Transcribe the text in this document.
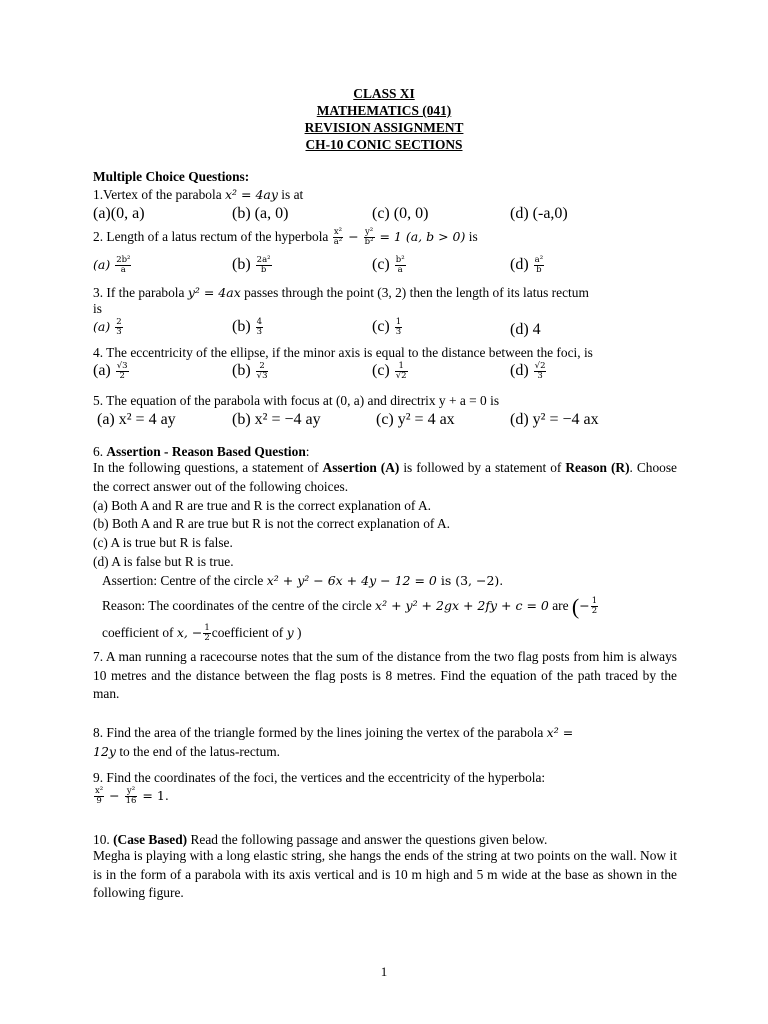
CLASS XI
MATHEMATICS (041)
REVISION ASSIGNMENT
CH-10 CONIC SECTIONS
Multiple Choice Questions:
1.Vertex of the parabola x² = 4ay is at
(a)(0, a)	(b) (a, 0)	(c) (0, 0)	(d) (-a,0)
2. Length of a latus rectum of the hyperbola $\frac{\text{x²}}{\text{a²}} - \frac{\text{y²}}{\text{b²}} = 1$ (a, b > 0) is
$(a) \frac{\text{2b²}}{a}$	$(b) \frac{\text{2a²}}{b}$	$(c) \frac{\text{b²}}{a}$	$(d) \frac{\text{a²}}{b}$
3. If the parabola y² = 4ax passes through the point (3, 2) then the length of its latus rectum
is
$(a) \frac{2}{3}$	$(b) \frac{4}{3}$	$(c) \frac{1}{3}$	(d) 4
4. The eccentricity of the ellipse, if the minor axis is equal to the distance between the foci, is
$(a) \frac{√3}{2}$	$(b) \frac{2}{√3}$	$(c) \frac{1}{√2}$	$(d) \frac{√2}{3}$
5. The equation of the parabola with focus at (0, a) and directrix y + a = 0 is
(a) x² = 4 ay	(b) x² = −4 ay	(c) y² = 4 ax	(d) y² = −4 ax
6. Assertion - Reason Based Question:
In the following questions, a statement of Assertion (A) is followed by a statement of Reason (R). Choose the correct answer out of the following choices.
(a) Both A and R are true and R is the correct explanation of A.
(b) Both A and R are true but R is not the correct explanation of A.
(c) A is true but R is false.
(d) A is false but R is true.
Assertion: Centre of the circle x² + y² − 6x + 4y − 12 = 0 is (3, −2).
Reason: The coordinates of the centre of the circle x² + y² + 2gx + 2fy + c = 0 are (− $\frac{1}{2}$
coefficient of x, − $\frac{1}{2}$ coefficient of y )
7. A man running a racecourse notes that the sum of the distance from the two flag posts from him is always 10 metres and the distance between the flag posts is 8 metres. Find the equation of the path traced by the man.
8. Find the area of the triangle formed by the lines joining the vertex of the parabola x² =
12y to the end of the latus-rectum.
9. Find the coordinates of the foci, the vertices and the eccentricity of the hyperbola:
$\frac{\text{x²}}{9} - \frac{\text{y²}}{16} = 1$.
10. (Case Based) Read the following passage and answer the questions given below.
Megha is playing with a long elastic string, she hangs the ends of the string at two points on the wall. Now it is in the form of a parabola with its axis vertical and is 10 m high and 5 m wide at the base as shown in the following figure.
1
